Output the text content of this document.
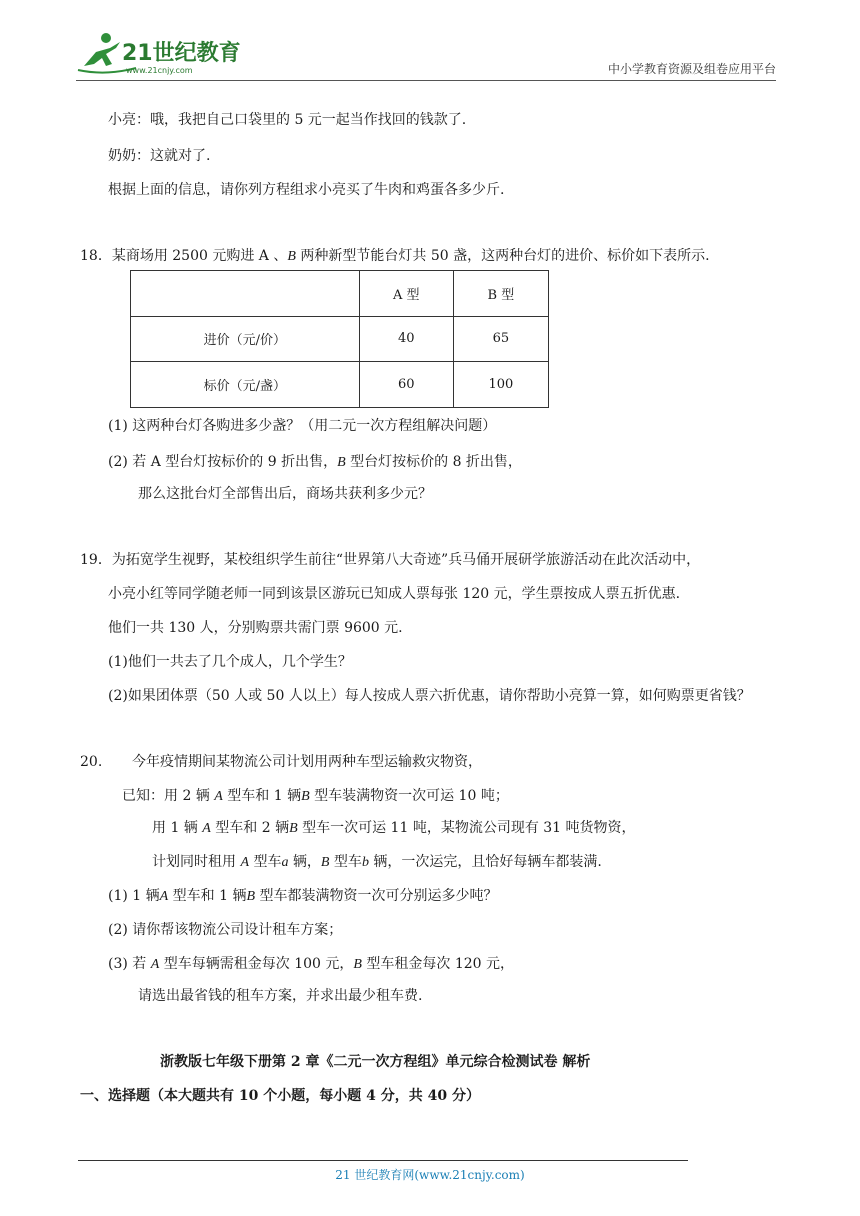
21世纪教育
www.21cnjy.com	中小学教育资源及组卷应用平台
小亮：哦，我把自己口袋里的 5 元一起当作找回的钱款了.
奶奶：这就对了.
根据上面的信息，请你列方程组求小亮买了牛肉和鸡蛋各多少斤.
18．某商场用 2500 元购进 A 、B 两种新型节能台灯共 50 盏，这两种台灯的进价、标价如下表所示.
	A 型	B 型
进价（元/价）	40	65
标价（元/盏）	60	100
(1) 这两种台灯各购进多少盏？（用二元一次方程组解决问题）
(2) 若 A 型台灯按标价的 9 折出售，B 型台灯按标价的 8 折出售，
那么这批台灯全部售出后，商场共获利多少元？
19．为拓宽学生视野，某校组织学生前往“世界第八大奇迹”兵马俑开展研学旅游活动在此次活动中，
小亮小红等同学随老师一同到该景区游玩已知成人票每张 120 元，学生票按成人票五折优惠.
他们一共 130 人，分别购票共需门票 9600 元.
(1)他们一共去了几个成人，几个学生？
(2)如果团体票（50 人或 50 人以上）每人按成人票六折优惠，请你帮助小亮算一算，如何购票更省钱？
20. 今年疫情期间某物流公司计划用两种车型运输救灾物资，
已知：用 2 辆 A 型车和 1 辆B 型车装满物资一次可运 10 吨；
用 1 辆 A 型车和 2 辆B 型车一次可运 11 吨，某物流公司现有 31 吨货物资，
计划同时租用 A 型车a 辆，B 型车b 辆，一次运完，且恰好每辆车都装满.
(1) 1 辆A 型车和 1 辆B 型车都装满物资一次可分别运多少吨？
(2) 请你帮该物流公司设计租车方案；
(3) 若 A 型车每辆需租金每次 100 元，B 型车租金每次 120 元，
请选出最省钱的租车方案，并求出最少租车费.
浙教版七年级下册第 2 章《二元一次方程组》单元综合检测试卷 解析
一、选择题（本大题共有 10 个小题，每小题 4 分，共 40 分）
21 世纪教育网(www.21cnjy.com)
